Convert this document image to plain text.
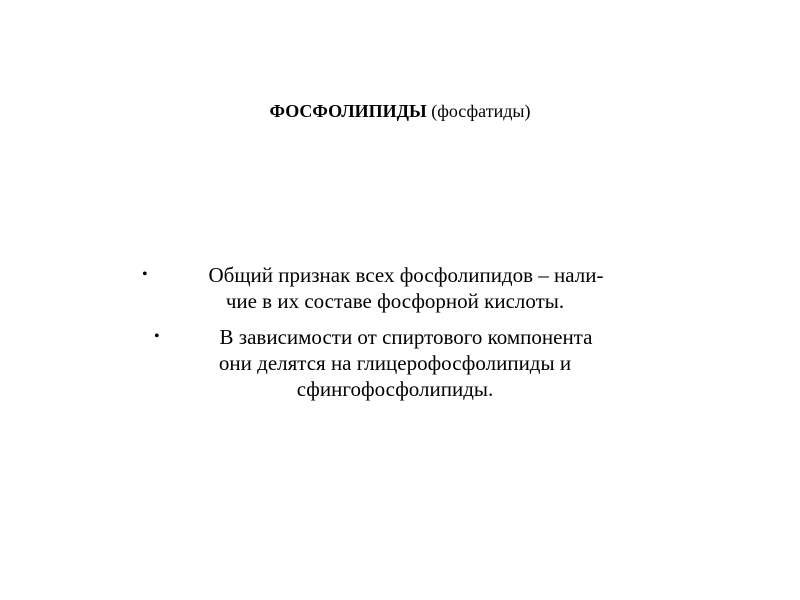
ФОСФОЛИПИДЫ (фосфатиды)
•	Общий признак всех фосфолипидов – нали-
чие в их составе фосфорной кислоты.
•	В зависимости от спиртового компонента
они делятся на глицерофосфолипиды и
сфингофосфолипиды.
